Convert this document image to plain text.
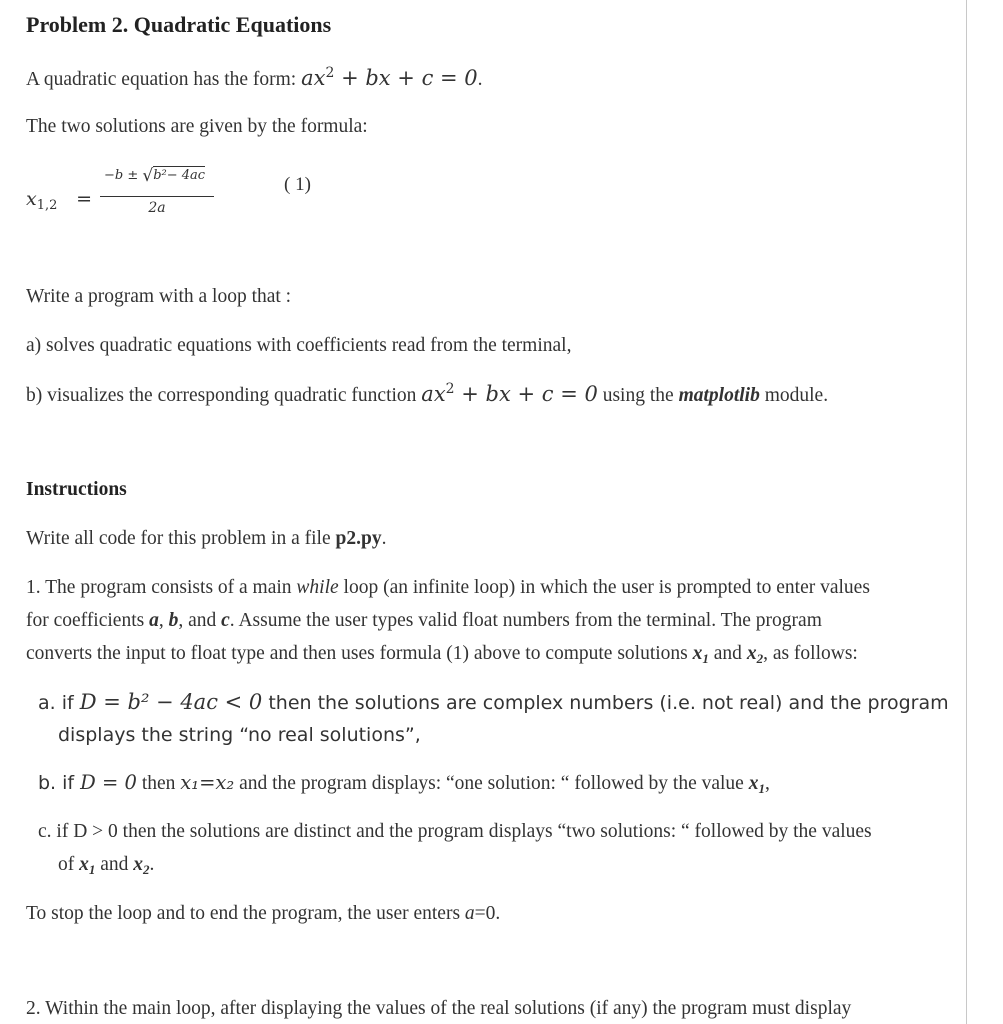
Problem 2. Quadratic Equations
A quadratic equation has the form: $ax^2$ + bx + c = 0.
The two solutions are given by the formula:
$x_{1,2}$ =
−b ± √b²− 4ac
2a
( 1)
Write a program with a loop that :
a) solves quadratic equations with coefficients read from the terminal,
b) visualizes the corresponding quadratic function $ax^2$ + bx + c = 0 using the matplotlib module.
Instructions
Write all code for this problem in a file p2.py.
1. The program consists of a main while loop (an infinite loop) in which the user is prompted to enter values
for coefficients a, b, and c. Assume the user types valid float numbers from the terminal. The program
converts the input to float type and then uses formula (1) above to compute solutions $x_1$ and $x_2$, as follows:
a. if D = b² − 4ac < 0 then the solutions are complex numbers (i.e. not real) and the program
displays the string “no real solutions”,
b. if D = 0 then x₁=x₂ and the program displays: “one solution: “ followed by the value $x_1$,
c. if D > 0 then the solutions are distinct and the program displays “two solutions: “ followed by the values
of $x_1$ and $x_2$.
To stop the loop and to end the program, the user enters a=0.
2. Within the main loop, after displaying the values of the real solutions (if any) the program must display
